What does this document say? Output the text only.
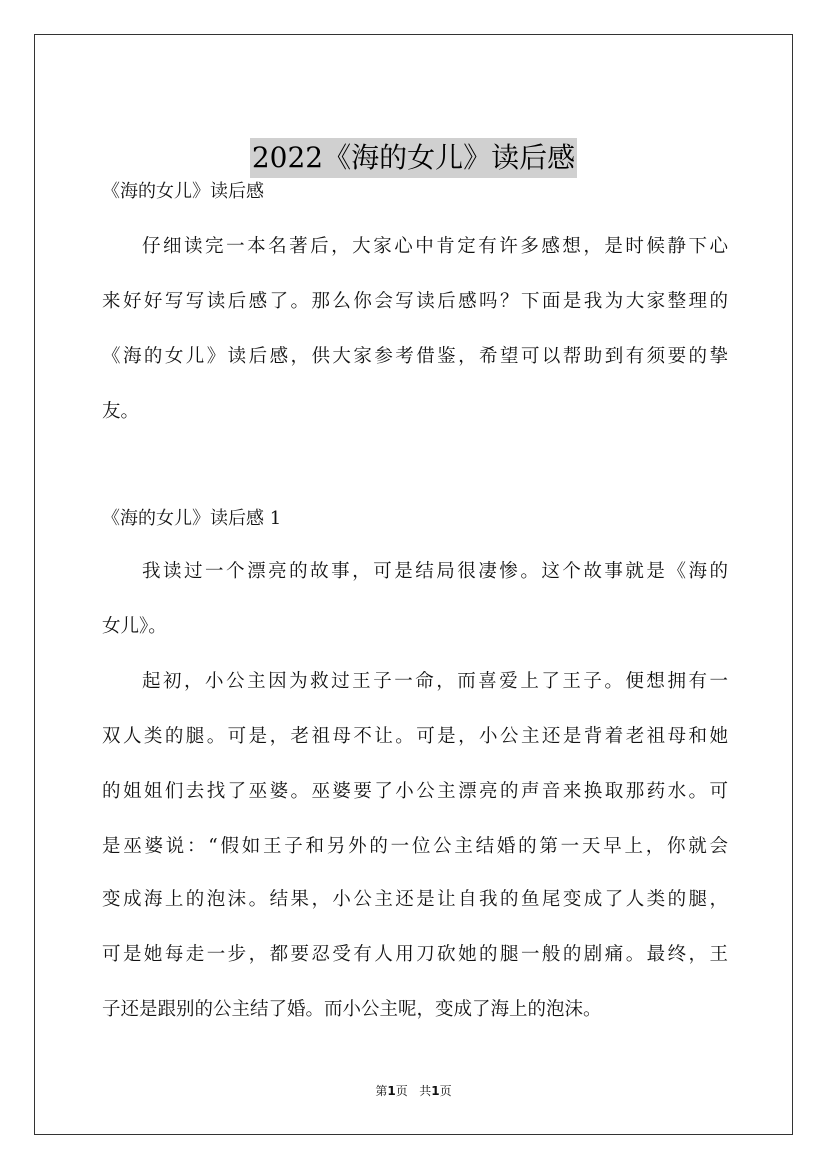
2022《海的女儿》读后感
《海的女儿》读后感
仔细读完一本名著后，大家心中肯定有许多感想，是时候静下心
来好好写写读后感了。那么你会写读后感吗？下面是我为大家整理的
《海的女儿》读后感，供大家参考借鉴，希望可以帮助到有须要的挚
友。
《海的女儿》读后感 1
我读过一个漂亮的故事，可是结局很凄惨。这个故事就是《海的
女儿》。
起初，小公主因为救过王子一命，而喜爱上了王子。便想拥有一
双人类的腿。可是，老祖母不让。可是，小公主还是背着老祖母和她
的姐姐们去找了巫婆。巫婆要了小公主漂亮的声音来换取那药水。可
是巫婆说：“假如王子和另外的一位公主结婚的第一天早上，你就会
变成海上的泡沫。结果，小公主还是让自我的鱼尾变成了人类的腿，
可是她每走一步，都要忍受有人用刀砍她的腿一般的剧痛。最终，王
子还是跟别的公主结了婚。而小公主呢，变成了海上的泡沫。
第1页 共1页
